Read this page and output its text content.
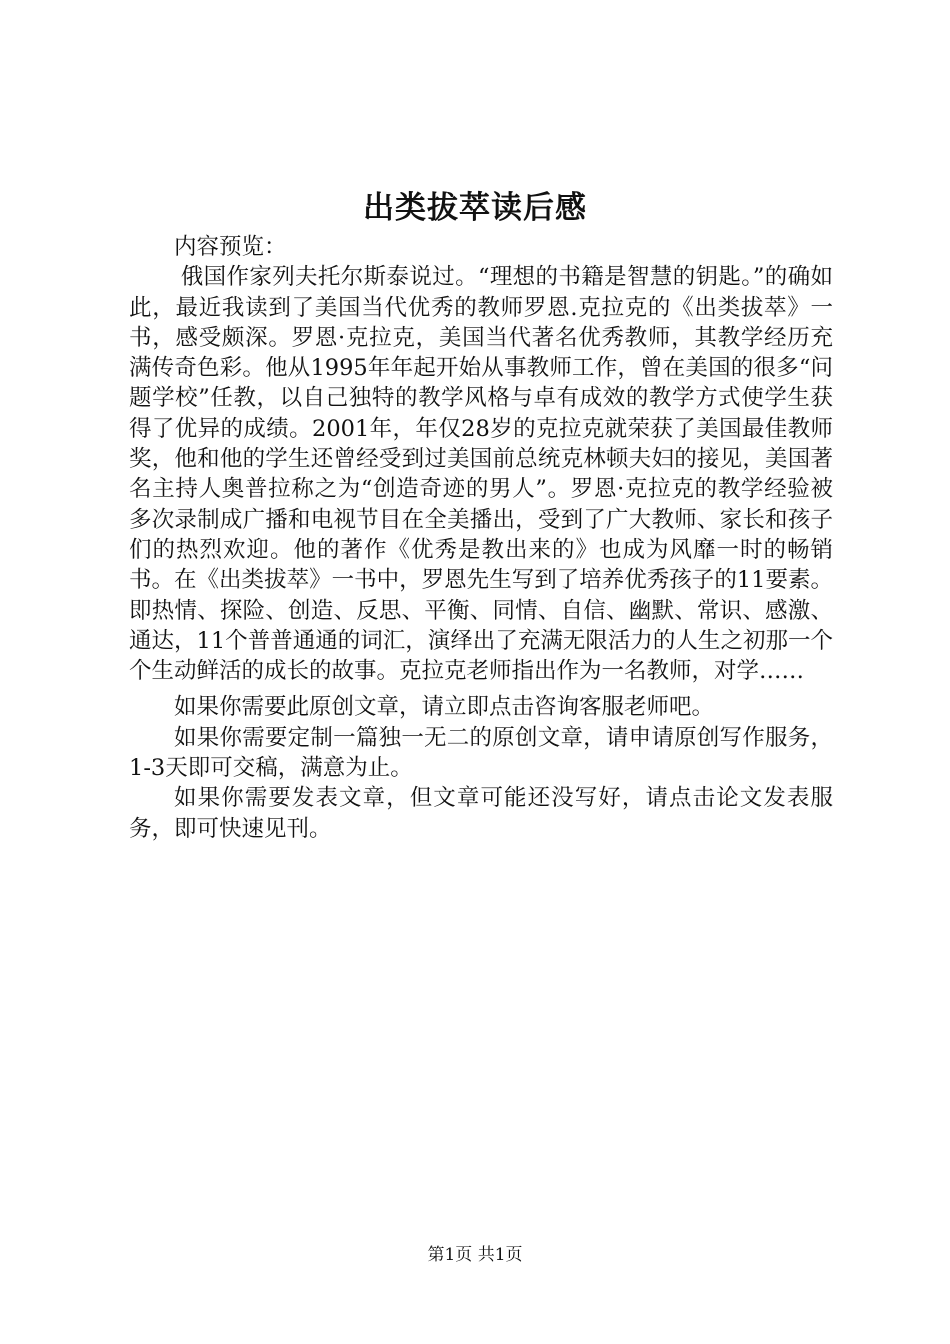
出类拔萃读后感

内容预览：

俄国作家列夫托尔斯泰说过。“理想的书籍是智慧的钥匙。”的确如此，最近我读到了美国当代优秀的教师罗恩.克拉克的《出类拔萃》一书，感受颇深。罗恩·克拉克，美国当代著名优秀教师，其教学经历充满传奇色彩。他从1995年年起开始从事教师工作，曾在美国的很多“问题学校”任教，以自己独特的教学风格与卓有成效的教学方式使学生获得了优异的成绩。2001年，年仅28岁的克拉克就荣获了美国最佳教师奖，他和他的学生还曾经受到过美国前总统克林顿夫妇的接见，美国著名主持人奥普拉称之为“创造奇迹的男人”。罗恩·克拉克的教学经验被多次录制成广播和电视节目在全美播出，受到了广大教师、家长和孩子们的热烈欢迎。他的著作《优秀是教出来的》也成为风靡一时的畅销书。在《出类拔萃》一书中，罗恩先生写到了培养优秀孩子的11要素。即热情、探险、创造、反思、平衡、同情、自信、幽默、常识、感激、通达，11个普普通通的词汇，演绎出了充满无限活力的人生之初那一个个生动鲜活的成长的故事。克拉克老师指出作为一名教师，对学……

如果你需要此原创文章，请立即点击咨询客服老师吧。

如果你需要定制一篇独一无二的原创文章，请申请原创写作服务，1-3天即可交稿，满意为止。

如果你需要发表文章，但文章可能还没写好，请点击论文发表服务，即可快速见刊。

第1页 共1页
